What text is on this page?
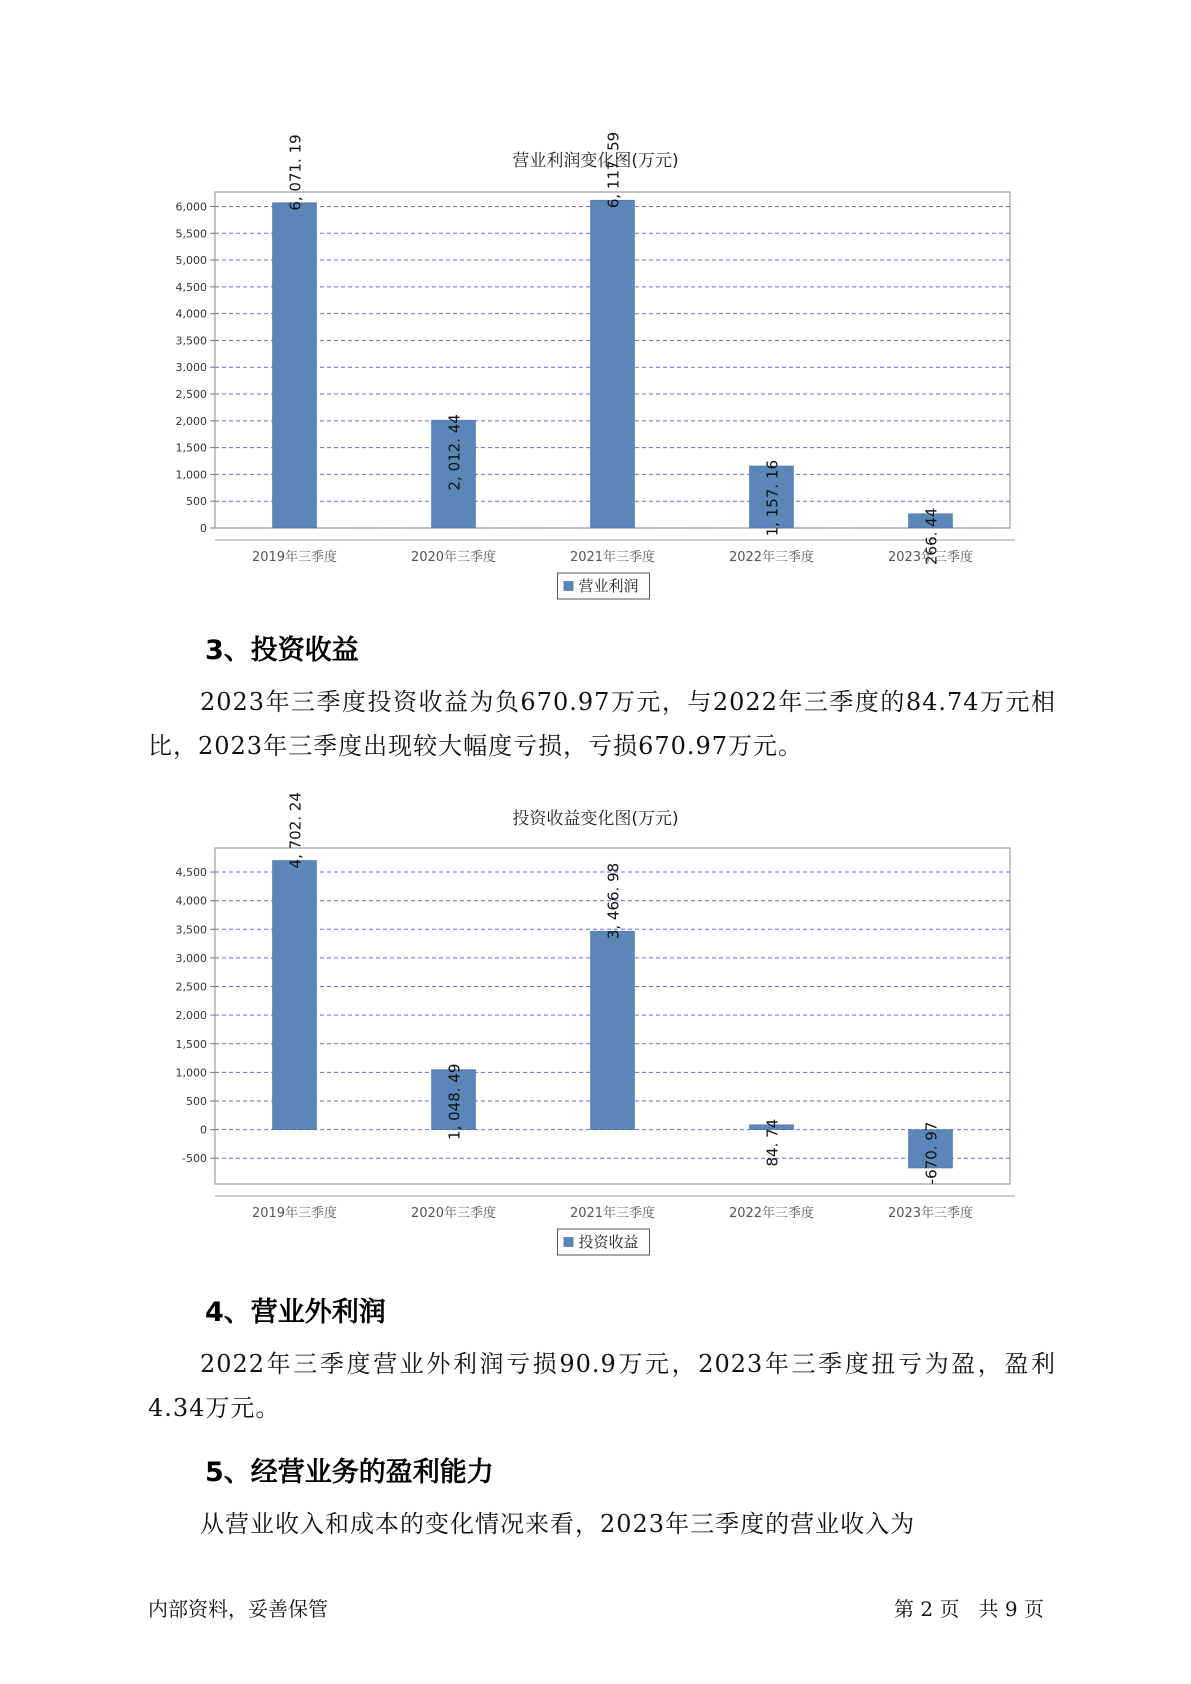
营业利润变化图(万元)
0
500
1,000
1,500
2,000
2,500
3,000
3,500
4,000
4,500
5,000
5,500
6,000	6, 071. 19
2019年三季度
2, 012. 44
2020年三季度
6, 117. 59
2021年三季度
1, 157. 16
2022年三季度	266. 44
2023年三季度
营业利润
3、投资收益

2023年三季度投资收益为负670.97万元，与2022年三季度的84.74万元相比，2023年三季度出现较大幅度亏损，亏损670.97万元。

投资收益变化图(万元)
-500
0
500
1,000
1,500
2,000
2,500
3,000
3,500
4,000
4,500
4, 702. 24
2019年三季度
1, 048. 49
2020年三季度
3, 466. 98
2021年三季度
84. 74
2022年三季度
-670. 97
2023年三季度
投资收益
4、营业外利润

2022年三季度营业外利润亏损90.9万元，2023年三季度扭亏为盈，盈利4.34万元。

5、经营业务的盈利能力

从营业收入和成本的变化情况来看，2023年三季度的营业收入为

内部资料，妥善保管	第 2 页   共 9 页
